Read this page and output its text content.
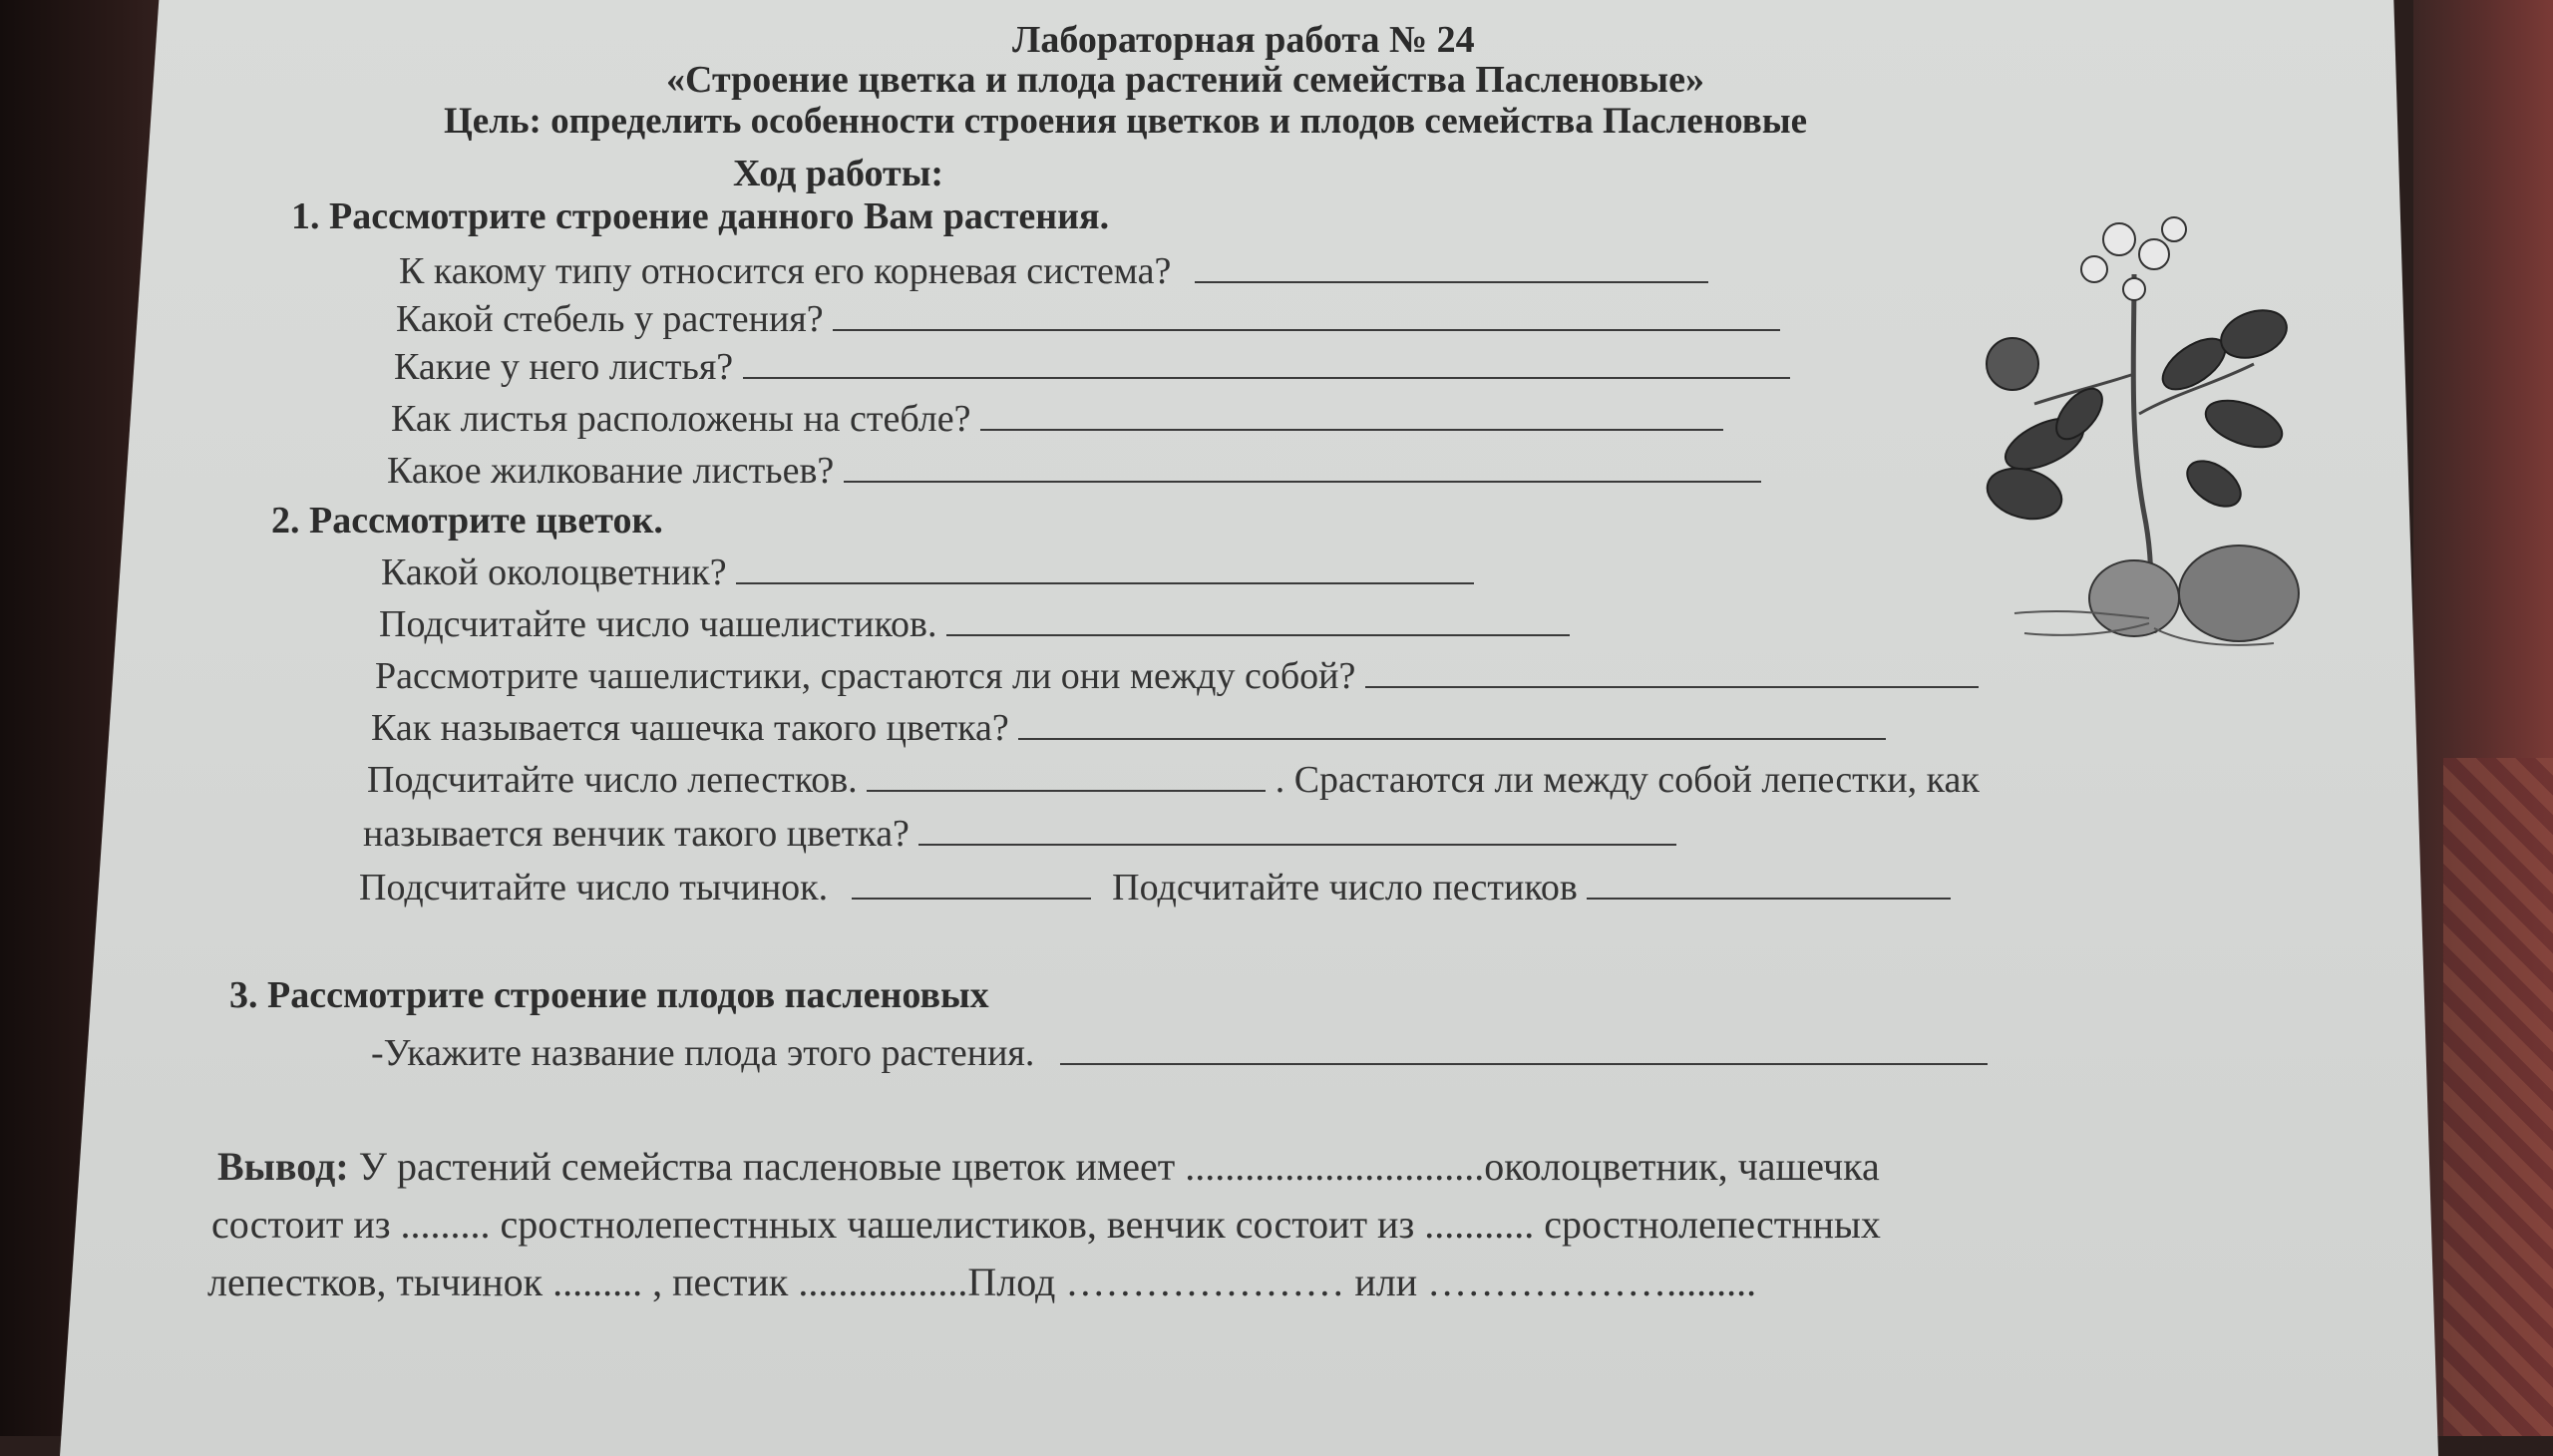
Лабораторная работа № 24
«Строение цветка и плода растений семейства Пасленовые»
Цель: определить особенности строения цветков и плодов семейства Пасленовые
Ход работы:
1. Рассмотрите строение данного Вам растения.
К какому типу относится его корневая система?
Какой стебель у растения?
Какие у него листья?
Как листья расположены на стебле?
Какое жилкование листьев?
2. Рассмотрите цветок.
Какой околоцветник?
Подсчитайте число чашелистиков.
Рассмотрите чашелистики, срастаются ли они между собой?
Как называется чашечка такого цветка?
Подсчитайте число лепестков.	. Срастаются ли между собой лепестки, как
называется венчик такого цветка?
Подсчитайте число тычинок.	Подсчитайте число пестиков
3. Рассмотрите строение плодов пасленовых
-Укажите название плода этого растения.
Вывод: У растений семейства пасленовые цветок имеет ..............................околоцветник, чашечка
состоит из ......... сростнолепестнных чашелистиков, венчик состоит из ........... сростнолепестнных
лепестков, тычинок ......... , пестик .................Плод ………………… или ……………….........
